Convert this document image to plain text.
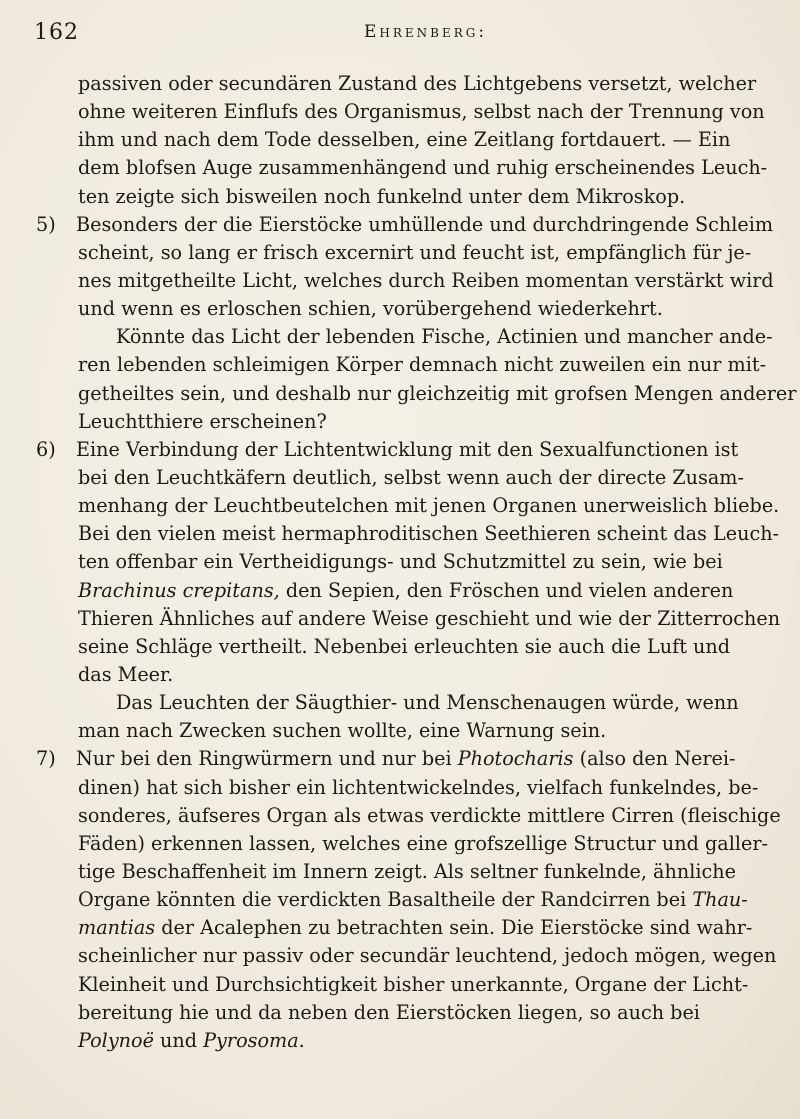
162	Ehrenberg:
passiven oder secundären Zustand des Lichtgebens versetzt, welcher
ohne weiteren Einflufs des Organismus, selbst nach der Trennung von
ihm und nach dem Tode desselben, eine Zeitlang fortdauert. — Ein
dem blofsen Auge zusammenhängend und ruhig erscheinendes Leuch-
ten zeigte sich bisweilen noch funkelnd unter dem Mikroskop.
5) Besonders der die Eierstöcke umhüllende und durchdringende Schleim
scheint, so lang er frisch excernirt und feucht ist, empfänglich für je-
nes mitgetheilte Licht, welches durch Reiben momentan verstärkt wird
und wenn es erloschen schien, vorübergehend wiederkehrt.
Könnte das Licht der lebenden Fische, Actinien und mancher ande-
ren lebenden schleimigen Körper demnach nicht zuweilen ein nur mit-
getheiltes sein, und deshalb nur gleichzeitig mit grofsen Mengen anderer
Leuchtthiere erscheinen?
6) Eine Verbindung der Lichtentwicklung mit den Sexualfunctionen ist
bei den Leuchtkäfern deutlich, selbst wenn auch der directe Zusam-
menhang der Leuchtbeutelchen mit jenen Organen unerweislich bliebe.
Bei den vielen meist hermaphroditischen Seethieren scheint das Leuch-
ten offenbar ein Vertheidigungs- und Schutzmittel zu sein, wie bei
Brachinus crepitans, den Sepien, den Fröschen und vielen anderen
Thieren Ähnliches auf andere Weise geschieht und wie der Zitterrochen
seine Schläge vertheilt. Nebenbei erleuchten sie auch die Luft und
das Meer.
Das Leuchten der Säugthier- und Menschenaugen würde, wenn
man nach Zwecken suchen wollte, eine Warnung sein.
7) Nur bei den Ringwürmern und nur bei Photocharis (also den Nerei-
dinen) hat sich bisher ein lichtentwickelndes, vielfach funkelndes, be-
sonderes, äufseres Organ als etwas verdickte mittlere Cirren (fleischige
Fäden) erkennen lassen, welches eine grofszellige Structur und galler-
tige Beschaffenheit im Innern zeigt. Als seltner funkelnde, ähnliche
Organe könnten die verdickten Basaltheile der Randcirren bei Thau-
mantias der Acalephen zu betrachten sein. Die Eierstöcke sind wahr-
scheinlicher nur passiv oder secundär leuchtend, jedoch mögen, wegen
Kleinheit und Durchsichtigkeit bisher unerkannte, Organe der Licht-
bereitung hie und da neben den Eierstöcken liegen, so auch bei
Polynoë und Pyrosoma.
